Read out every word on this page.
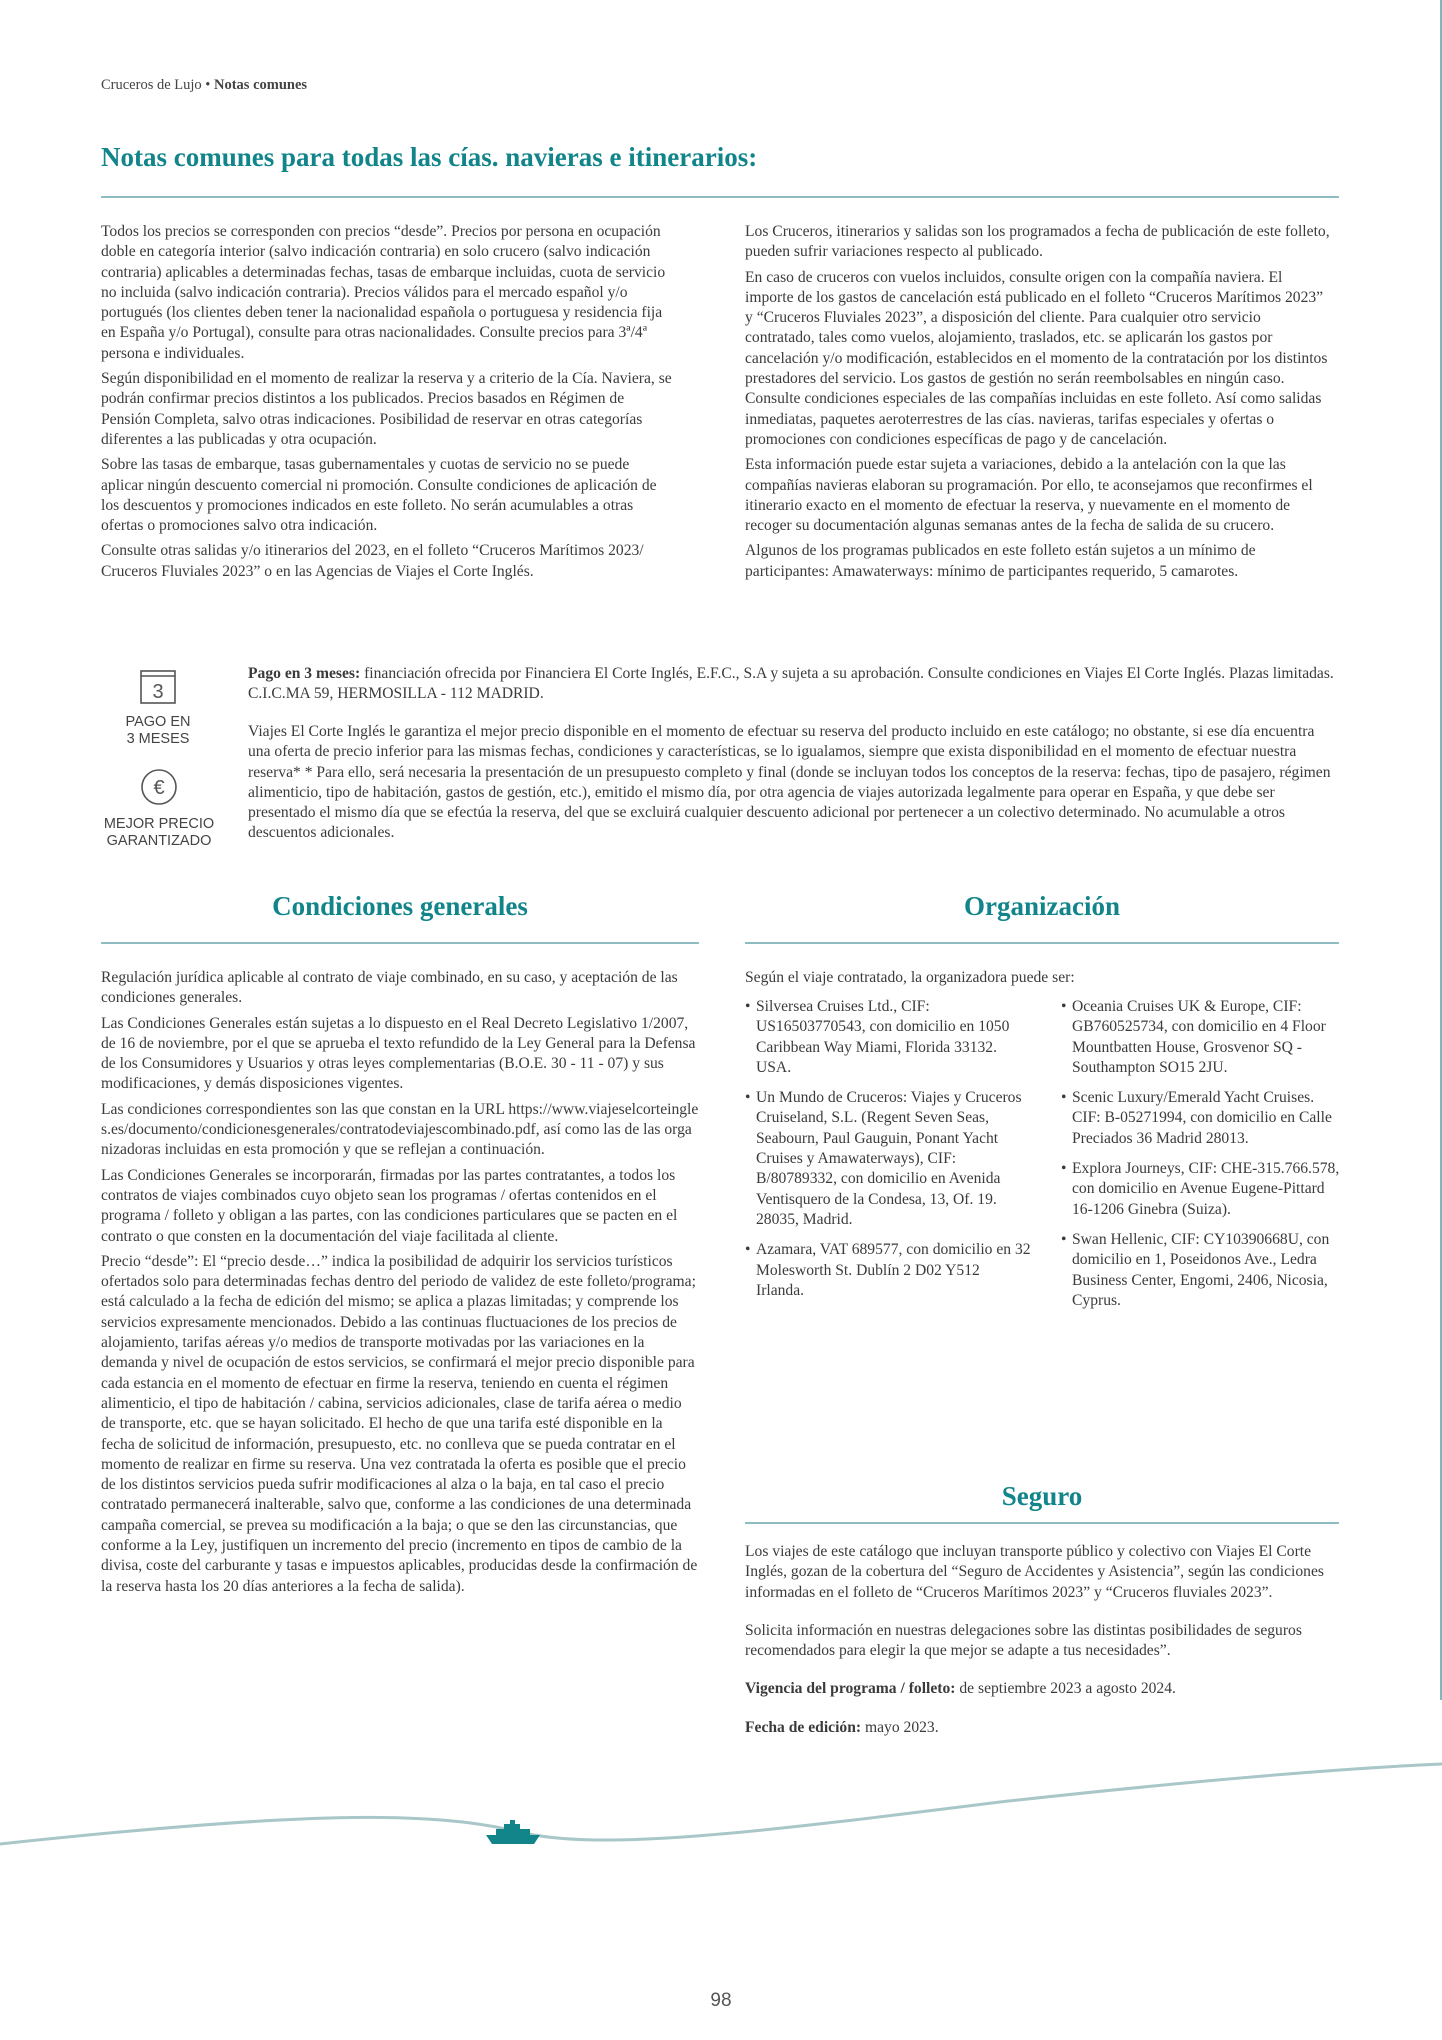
Cruceros de Lujo • Notas comunes
Notas comunes para todas las cías. navieras e itinerarios:

Todos los precios se corresponden con precios “desde”. Precios por persona en ocupación doble en categoría interior (salvo indicación contraria) en solo crucero (salvo indicación contraria) aplicables a determinadas fechas, tasas de embarque incluidas, cuota de servicio no incluida (salvo indicación contraria). Precios válidos para el mercado español y/o portugués (los clientes deben tener la nacionalidad española o portuguesa y residencia fija en España y/o Portugal), consulte para otras nacionalidades. Consulte precios para 3ª/4ª persona e individuales.

Según disponibilidad en el momento de realizar la reserva y a criterio de la Cía. Naviera, se podrán confirmar precios distintos a los publicados. Precios basados en Régimen de Pensión Completa, salvo otras indicaciones. Posibilidad de reservar en otras categorías diferentes a las publicadas y otra ocupación.

Sobre las tasas de embarque, tasas gubernamentales y cuotas de servicio no se puede aplicar ningún descuento comercial ni promoción. Consulte condiciones de aplicación de los descuentos y promociones indicados en este folleto. No serán acumulables a otras ofertas o promociones salvo otra indicación.

Consulte otras salidas y/o itinerarios del 2023, en el folleto “Cruceros Marítimos 2023/ Cruceros Fluviales 2023” o en las Agencias de Viajes el Corte Inglés.

Los Cruceros, itinerarios y salidas son los programados a fecha de publicación de este folleto, pueden sufrir variaciones respecto al publicado.

En caso de cruceros con vuelos incluidos, consulte origen con la compañía naviera. El importe de los gastos de cancelación está publicado en el folleto “Cruceros Marítimos 2023” y “Cruceros Fluviales 2023”, a disposición del cliente. Para cualquier otro servicio contratado, tales como vuelos, alojamiento, traslados, etc. se aplicarán los gastos por cancelación y/o modificación, establecidos en el momento de la contratación por los distintos prestadores del servicio. Los gastos de gestión no serán reembolsables en ningún caso. Consulte condiciones especiales de las compañías incluidas en este folleto. Así como salidas inmediatas, paquetes aeroterrestres de las cías. navieras, tarifas especiales y ofertas o promociones con condiciones específicas de pago y de cancelación.

Esta información puede estar sujeta a variaciones, debido a la antelación con la que las compañías navieras elaboran su programación. Por ello, te aconsejamos que reconfirmes el itinerario exacto en el momento de efectuar la reserva, y nuevamente en el momento de recoger su documentación algunas semanas antes de la fecha de salida de su crucero.

Algunos de los programas publicados en este folleto están sujetos a un mínimo de participantes: Amawaterways: mínimo de participantes requerido, 5 camarotes.

3
PAGO EN
3 MESES
€
MEJOR PRECIO
GARANTIZADO

Pago en 3 meses: financiación ofrecida por Financiera El Corte Inglés, E.F.C., S.A y sujeta a su aprobación. Consulte condiciones en Viajes El Corte Inglés. Plazas limitadas. C.I.C.MA 59, HERMOSILLA - 112 MADRID.

Viajes El Corte Inglés le garantiza el mejor precio disponible en el momento de efectuar su reserva del producto incluido en este catálogo; no obstante, si ese día encuentra una oferta de precio inferior para las mismas fechas, condiciones y características, se lo igualamos, siempre que exista disponibilidad en el momento de efectuar nuestra reserva* * Para ello, será necesaria la presentación de un presupuesto completo y final (donde se incluyan todos los conceptos de la reserva: fechas, tipo de pasajero, régimen alimenticio, tipo de habitación, gastos de gestión, etc.), emitido el mismo día, por otra agencia de viajes autorizada legalmente para operar en España, y que debe ser presentado el mismo día que se efectúa la reserva, del que se excluirá cualquier descuento adicional por pertenecer a un colectivo determinado. No acumulable a otros descuentos adicionales.

Condiciones generales

Regulación jurídica aplicable al contrato de viaje combinado, en su caso, y aceptación de las condiciones generales.

Las Condiciones Generales están sujetas a lo dispuesto en el Real Decreto Legislativo 1/2007, de 16 de noviembre, por el que se aprueba el texto refundido de la Ley General para la Defensa de los Consumidores y Usuarios y otras leyes complementarias (B.O.E. 30 - 11 - 07) y sus modificaciones, y demás disposiciones vigentes.

Las condiciones correspondientes son las que constan en la URL https://www.viajeselcorteingles.es/documento/condicionesgenerales/contratodeviajescombinado.pdf, así como las de las organizadoras incluidas en esta promoción y que se reflejan a continuación.

Las Condiciones Generales se incorporarán, firmadas por las partes contratantes, a todos los contratos de viajes combinados cuyo objeto sean los programas / ofertas contenidos en el programa / folleto y obligan a las partes, con las condiciones particulares que se pacten en el contrato o que consten en la documentación del viaje facilitada al cliente.

Precio “desde”: El “precio desde…” indica la posibilidad de adquirir los servicios turísticos ofertados solo para determinadas fechas dentro del periodo de validez de este folleto/programa; está calculado a la fecha de edición del mismo; se aplica a plazas limitadas; y comprende los servicios expresamente mencionados. Debido a las continuas fluctuaciones de los precios de alojamiento, tarifas aéreas y/o medios de transporte motivadas por las variaciones en la demanda y nivel de ocupación de estos servicios, se confirmará el mejor precio disponible para cada estancia en el momento de efectuar en firme la reserva, teniendo en cuenta el régimen alimenticio, el tipo de habitación / cabina, servicios adicionales, clase de tarifa aérea o medio de transporte, etc. que se hayan solicitado. El hecho de que una tarifa esté disponible en la fecha de solicitud de información, presupuesto, etc. no conlleva que se pueda contratar en el momento de realizar en firme su reserva. Una vez contratada la oferta es posible que el precio de los distintos servicios pueda sufrir modificaciones al alza o la baja, en tal caso el precio contratado permanecerá inalterable, salvo que, conforme a las condiciones de una determinada campaña comercial, se prevea su modificación a la baja; o que se den las circunstancias, que conforme a la Ley, justifiquen un incremento del precio (incremento en tipos de cambio de la divisa, coste del carburante y tasas e impuestos aplicables, producidas desde la confirmación de la reserva hasta los 20 días anteriores a la fecha de salida).

Organización
Según el viaje contratado, la organizadora puede ser:
• Silversea Cruises Ltd., CIF: US16503770543, con domicilio en 1050 Caribbean Way Miami, Florida 33132. USA.
• Un Mundo de Cruceros: Viajes y Cruceros Cruiseland, S.L. (Regent Seven Seas, Seabourn, Paul Gauguin, Ponant Yacht Cruises y Amawaterways), CIF: B/80789332, con domicilio en Avenida Ventisquero de la Condesa, 13, Of. 19. 28035, Madrid.
• Azamara, VAT 689577, con domicilio en 32 Molesworth St. Dublín 2 D02 Y512 Irlanda.
• Oceania Cruises UK & Europe, CIF: GB760525734, con domicilio en 4 Floor Mountbatten House, Grosvenor SQ - Southampton SO15 2JU.
• Scenic Luxury/Emerald Yacht Cruises. CIF: B-05271994, con domicilio en Calle Preciados 36 Madrid 28013.
• Explora Journeys, CIF: CHE-315.766.578, con domicilio en Avenue Eugene-Pittard 16-1206 Ginebra (Suiza).
• Swan Hellenic, CIF: CY10390668U, con domicilio en 1, Poseidonos Ave., Ledra Business Center, Engomi, 2406, Nicosia, Cyprus.
Seguro

Los viajes de este catálogo que incluyan transporte público y colectivo con Viajes El Corte Inglés, gozan de la cobertura del “Seguro de Accidentes y Asistencia”, según las condiciones informadas en el folleto de “Cruceros Marítimos 2023” y “Cruceros fluviales 2023”.

Solicita información en nuestras delegaciones sobre las distintas posibilidades de seguros recomendados para elegir la que mejor se adapte a tus necesidades”.

Vigencia del programa / folleto: de septiembre 2023 a agosto 2024.

Fecha de edición: mayo 2023.

98
